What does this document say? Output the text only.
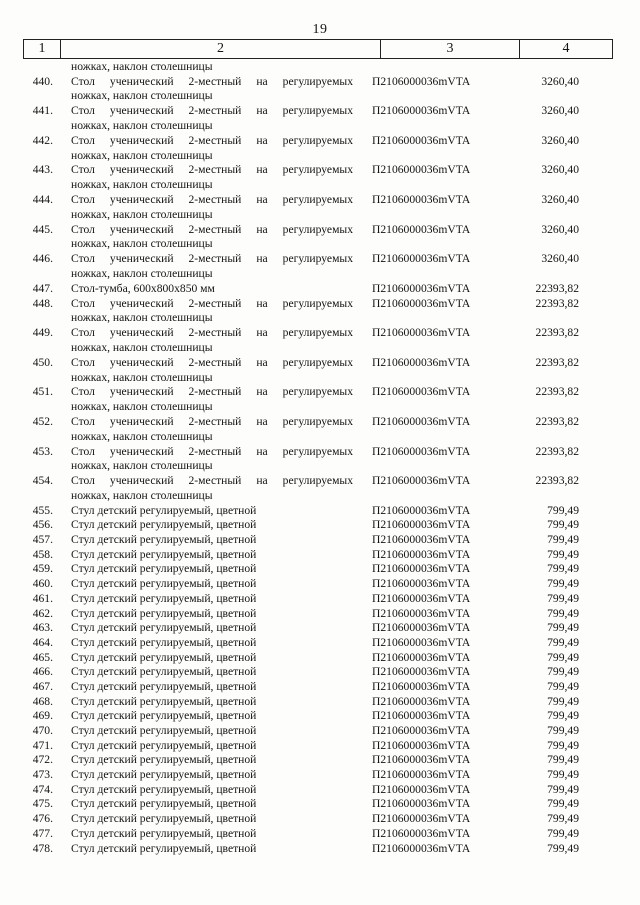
19
1	2	3	4
ножках, наклон столешницы
440. Стол ученический 2-местный на регулируемых
ножках, наклон столешницы
П2106000036mVTA	3260,40
441. Стол ученический 2-местный на регулируемых
ножках, наклон столешницы
П2106000036mVTA	3260,40
442. Стол ученический 2-местный на регулируемых
ножках, наклон столешницы
П2106000036mVTA	3260,40
443. Стол ученический 2-местный на регулируемых
ножках, наклон столешницы
П2106000036mVTA	3260,40
444. Стол ученический 2-местный на регулируемых
ножках, наклон столешницы
П2106000036mVTA	3260,40
445. Стол ученический 2-местный на регулируемых
ножках, наклон столешницы
П2106000036mVTA	3260,40
446. Стол ученический 2-местный на регулируемых
ножках, наклон столешницы
П2106000036mVTA	3260,40
447. Стол-тумба, 600x800x850 мм	П2106000036mVTA	22393,82
448. Стол ученический 2-местный на регулируемых
ножках, наклон столешницы
П2106000036mVTA	22393,82
449. Стол ученический 2-местный на регулируемых
ножках, наклон столешницы
П2106000036mVTA	22393,82
450. Стол ученический 2-местный на регулируемых
ножках, наклон столешницы
П2106000036mVTA	22393,82
451. Стол ученический 2-местный на регулируемых
ножках, наклон столешницы
П2106000036mVTA	22393,82
452. Стол ученический 2-местный на регулируемых
ножках, наклон столешницы
П2106000036mVTA	22393,82
453. Стол ученический 2-местный на регулируемых
ножках, наклон столешницы
П2106000036mVTA	22393,82
454. Стол ученический 2-местный на регулируемых
ножках, наклон столешницы
П2106000036mVTA	22393,82
455. Стул детский регулируемый, цветной	П2106000036mVTA	799,49
456. Стул детский регулируемый, цветной	П2106000036mVTA	799,49
457. Стул детский регулируемый, цветной	П2106000036mVTA	799,49
458. Стул детский регулируемый, цветной	П2106000036mVTA	799,49
459. Стул детский регулируемый, цветной	П2106000036mVTA	799,49
460. Стул детский регулируемый, цветной	П2106000036mVTA	799,49
461. Стул детский регулируемый, цветной	П2106000036mVTA	799,49
462. Стул детский регулируемый, цветной	П2106000036mVTA	799,49
463. Стул детский регулируемый, цветной	П2106000036mVTA	799,49
464. Стул детский регулируемый, цветной	П2106000036mVTA	799,49
465. Стул детский регулируемый, цветной	П2106000036mVTA	799,49
466. Стул детский регулируемый, цветной	П2106000036mVTA	799,49
467. Стул детский регулируемый, цветной	П2106000036mVTA	799,49
468. Стул детский регулируемый, цветной	П2106000036mVTA	799,49
469. Стул детский регулируемый, цветной	П2106000036mVTA	799,49
470. Стул детский регулируемый, цветной	П2106000036mVTA	799,49
471. Стул детский регулируемый, цветной	П2106000036mVTA	799,49
472. Стул детский регулируемый, цветной	П2106000036mVTA	799,49
473. Стул детский регулируемый, цветной	П2106000036mVTA	799,49
474. Стул детский регулируемый, цветной	П2106000036mVTA	799,49
475. Стул детский регулируемый, цветной	П2106000036mVTA	799,49
476. Стул детский регулируемый, цветной	П2106000036mVTA	799,49
477. Стул детский регулируемый, цветной	П2106000036mVTA	799,49
478. Стул детский регулируемый, цветной	П2106000036mVTA	799,49
